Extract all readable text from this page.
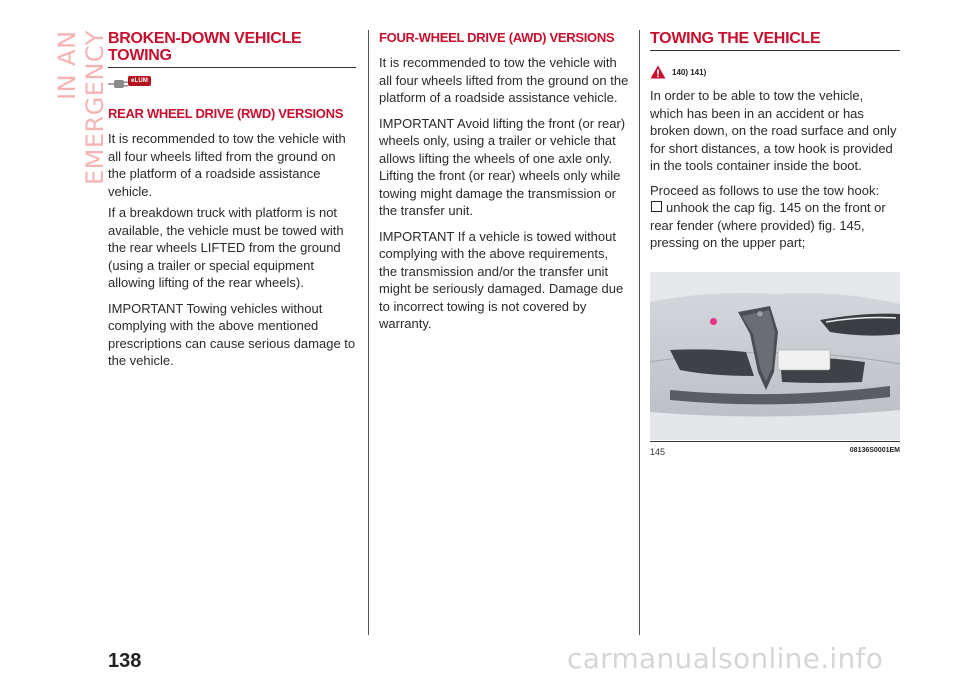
IN AN EMERGENCY BROKEN-DOWN VEHICLE TOWING
eLUM
REAR WHEEL DRIVE (RWD) VERSIONS

It is recommended to tow the vehicle with all four wheels lifted from the ground on the platform of a roadside assistance vehicle.

If a breakdown truck with platform is not available, the vehicle must be towed with the rear wheels LIFTED from the ground (using a trailer or special equipment allowing lifting of the rear wheels).

IMPORTANT Towing vehicles without complying with the above mentioned prescriptions can cause serious damage to the vehicle.

FOUR-WHEEL DRIVE (AWD) VERSIONS

It is recommended to tow the vehicle with all four wheels lifted from the ground on the platform of a roadside assistance vehicle.

IMPORTANT Avoid lifting the front (or rear) wheels only, using a trailer or vehicle that allows lifting the wheels of one axle only. Lifting the front (or rear) wheels only while towing might damage the transmission or the transfer unit.

IMPORTANT If a vehicle is towed without complying with the above requirements, the transmission and/or the transfer unit might be seriously damaged. Damage due to incorrect towing is not covered by warranty.

TOWING THE VEHICLE
140) 141)

In order to be able to tow the vehicle, which has been in an accident or has broken down, on the road surface and only for short distances, a tow hook is provided in the tools container inside the boot.

Proceed as follows to use the tow hook:

unhook the cap fig. 145 on the front or rear fender (where provided) fig. 145, pressing on the upper part;

145	08136S0001EM
138	carmanualsonline.info
